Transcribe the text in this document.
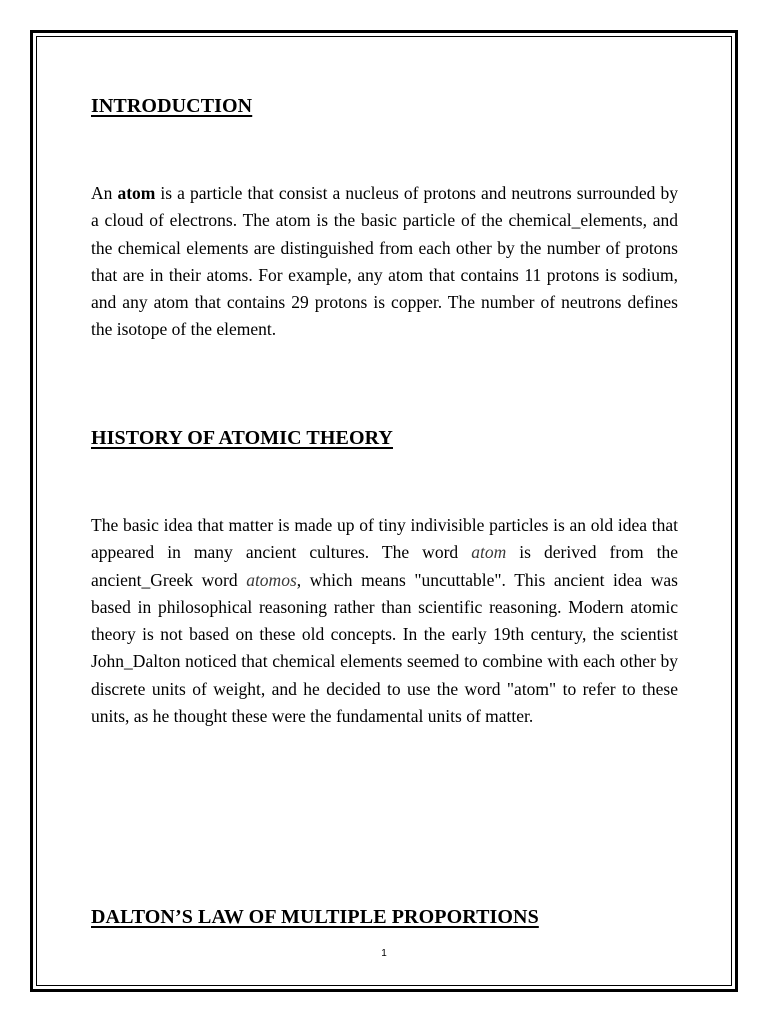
INTRODUCTION

An atom is a particle that consist a nucleus of protons and neutrons surrounded by a cloud of electrons. The atom is the basic particle of the chemical_elements, and the chemical elements are distinguished from each other by the number of protons that are in their atoms. For example, any atom that contains 11 protons is sodium, and any atom that contains 29 protons is copper. The number of neutrons defines the isotope of the element.

HISTORY OF ATOMIC THEORY

The basic idea that matter is made up of tiny indivisible particles is an old idea that appeared in many ancient cultures. The word atom is derived from the ancient_Greek word atomos, which means "uncuttable". This ancient idea was based in philosophical reasoning rather than scientific reasoning. Modern atomic theory is not based on these old concepts. In the early 19th century, the scientist John_Dalton noticed that chemical elements seemed to combine with each other by discrete units of weight, and he decided to use the word "atom" to refer to these units, as he thought these were the fundamental units of matter.

DALTON’S LAW OF MULTIPLE PROPORTIONS
1
